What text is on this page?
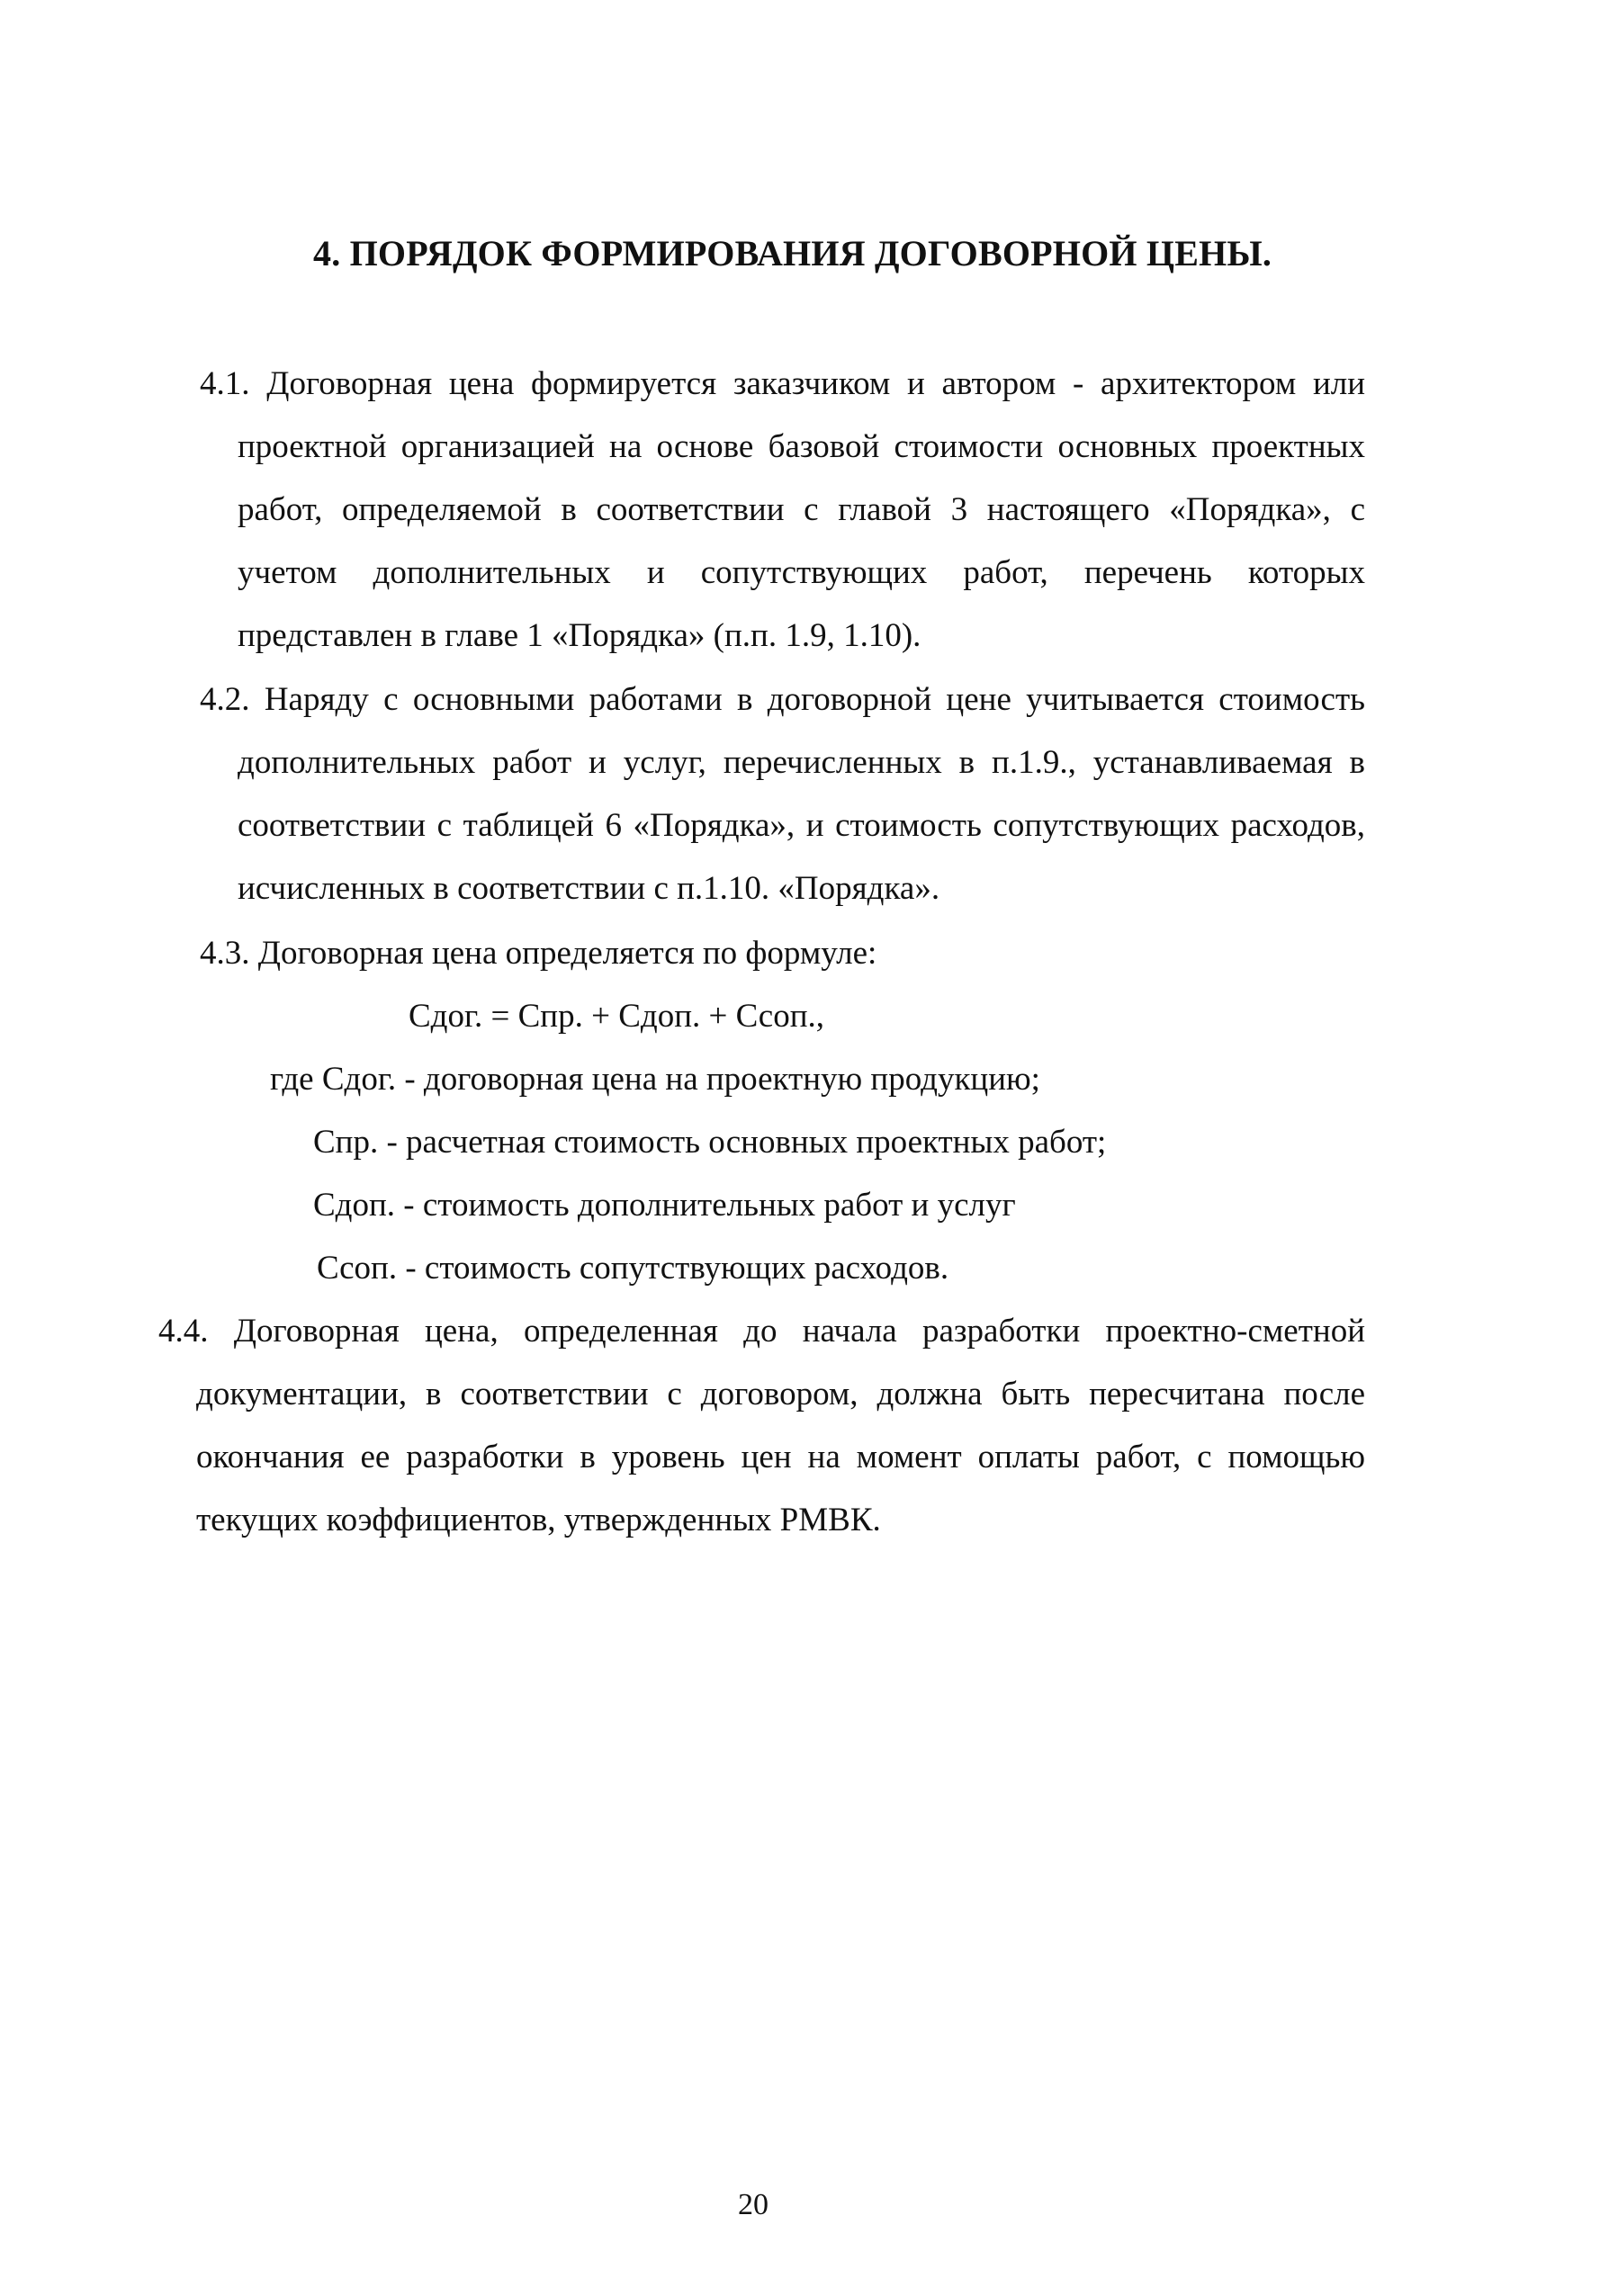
4. ПОРЯДОК ФОРМИРОВАНИЯ ДОГОВОРНОЙ ЦЕНЫ.
4.1. Договорная цена формируется заказчиком и автором - архитектором или проектной организацией на основе базовой стоимости основных проектных работ, определяемой в соответствии с главой 3 настоящего «Порядка», с учетом дополнительных и сопутствующих работ, перечень которых представлен в главе 1 «Порядка» (п.п. 1.9, 1.10).
4.2. Наряду с основными работами в договорной цене учитывается стоимость дополнительных работ и услуг, перечисленных в п.1.9., устанавливаемая в соответствии с таблицей 6 «Порядка», и стоимость сопутствующих расходов, исчисленных в соответствии с п.1.10. «Порядка».
4.3. Договорная цена определяется по формуле:
Сдог. = Спр. + Сдоп. + Ссоп.,
где Сдог. - договорная цена на проектную продукцию;
Спр. - расчетная стоимость основных проектных работ;
Сдоп. - стоимость дополнительных работ и услуг
Ссоп. - стоимость сопутствующих расходов.
4.4. Договорная цена, определенная до начала разработки проектно-сметной документации, в соответствии с договором, должна быть пересчитана после окончания ее разработки в уровень цен на момент оплаты работ, с помощью текущих коэффициентов, утвержденных РМВК.
20
